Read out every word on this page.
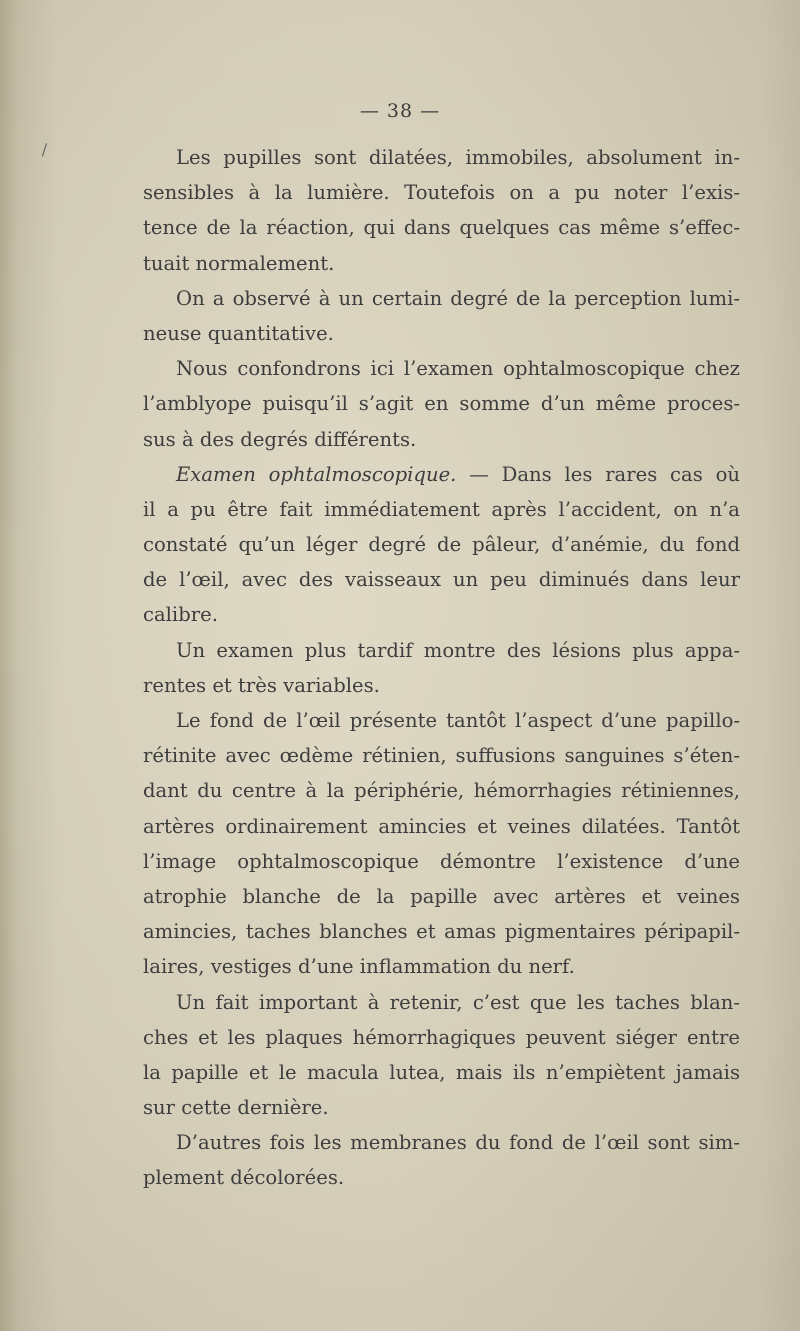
\
— 38 —
Les pupilles sont dilatées, immobiles, absolument in-
sensibles à la lumière. Toutefois on a pu noter l’exis-
tence de la réaction, qui dans quelques cas même s’effec-
tuait normalement.
On a observé à un certain degré de la perception lumi-
neuse quantitative.
Nous confondrons ici l’examen ophtalmoscopique chez
l’amblyope puisqu’il s’agit en somme d’un même proces-
sus à des degrés différents.
Examen ophtalmoscopique. — Dans les rares cas où
il a pu être fait immédiatement après l’accident, on n’a
constaté qu’un léger degré de pâleur, d’anémie, du fond
de l’œil, avec des vaisseaux un peu diminués dans leur
calibre.
Un examen plus tardif montre des lésions plus appa-
rentes et très variables.
Le fond de l’œil présente tantôt l’aspect d’une papillo-
rétinite avec œdème rétinien, suffusions sanguines s’éten-
dant du centre à la périphérie, hémorrhagies rétiniennes,
artères ordinairement amincies et veines dilatées. Tantôt
l’image ophtalmoscopique démontre l’existence d’une
atrophie blanche de la papille avec artères et veines
amincies, taches blanches et amas pigmentaires péripapil-
laires, vestiges d’une inflammation du nerf.
Un fait important à retenir, c’est que les taches blan-
ches et les plaques hémorrhagiques peuvent siéger entre
la papille et le macula lutea, mais ils n’empiètent jamais
sur cette dernière.
D’autres fois les membranes du fond de l’œil sont sim-
plement décolorées.
